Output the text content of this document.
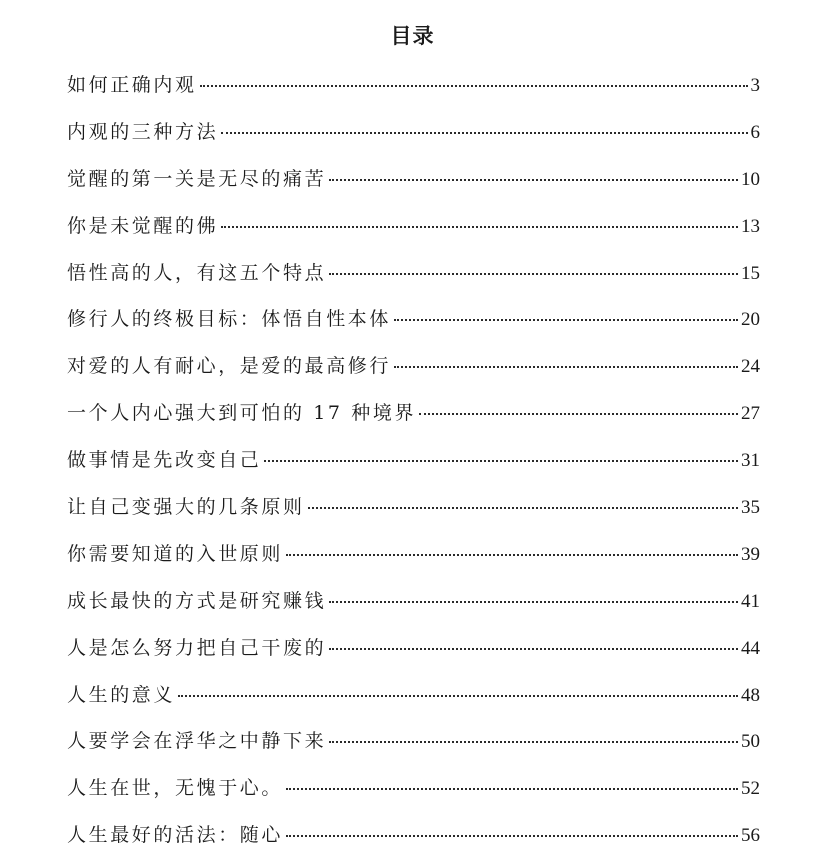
目录
如何正确内观	3
内观的三种方法	6
觉醒的第一关是无尽的痛苦	10
你是未觉醒的佛	13
悟性高的人，有这五个特点	15
修行人的终极目标：体悟自性本体	20
对爱的人有耐心，是爱的最高修行	24
一个人内心强大到可怕的 17 种境界	27
做事情是先改变自己	31
让自己变强大的几条原则	35
你需要知道的入世原则	39
成长最快的方式是研究赚钱	41
人是怎么努力把自己干废的	44
人生的意义	48
人要学会在浮华之中静下来	50
人生在世，无愧于心。	52
人生最好的活法：随心	56
